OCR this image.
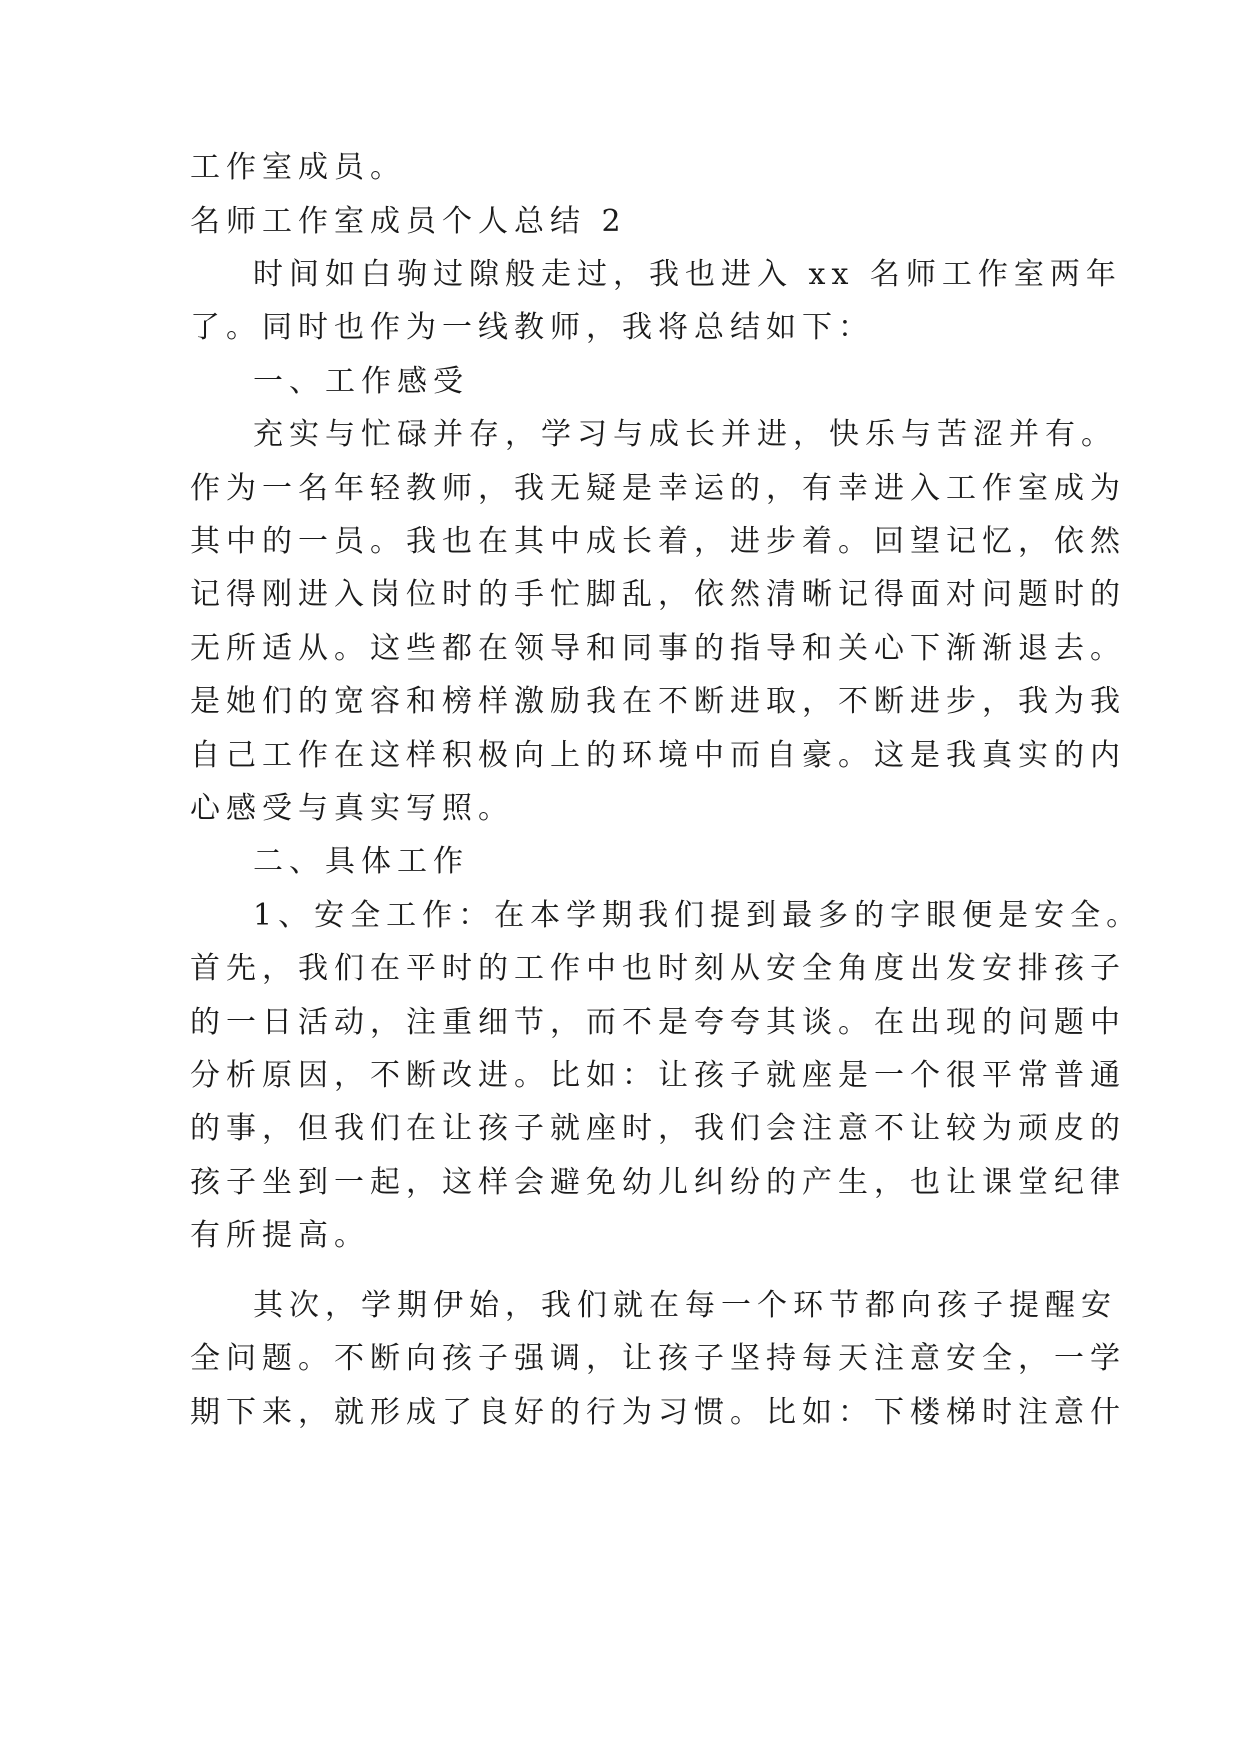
工作室成员。
名师工作室成员个人总结 2
时间如白驹过隙般走过，我也进入 xx 名师工作室两年
了。同时也作为一线教师，我将总结如下：
一、工作感受
充实与忙碌并存，学习与成长并进，快乐与苦涩并有。
作为一名年轻教师，我无疑是幸运的，有幸进入工作室成为
其中的一员。我也在其中成长着，进步着。回望记忆，依然
记得刚进入岗位时的手忙脚乱，依然清晰记得面对问题时的
无所适从。这些都在领导和同事的指导和关心下渐渐退去。
是她们的宽容和榜样激励我在不断进取，不断进步，我为我
自己工作在这样积极向上的环境中而自豪。这是我真实的内
心感受与真实写照。
二、具体工作
1、安全工作：在本学期我们提到最多的字眼便是安全。
首先，我们在平时的工作中也时刻从安全角度出发安排孩子
的一日活动，注重细节，而不是夸夸其谈。在出现的问题中
分析原因，不断改进。比如：让孩子就座是一个很平常普通
的事，但我们在让孩子就座时，我们会注意不让较为顽皮的
孩子坐到一起，这样会避免幼儿纠纷的产生，也让课堂纪律
有所提高。
其次，学期伊始，我们就在每一个环节都向孩子提醒安
全问题。不断向孩子强调，让孩子坚持每天注意安全，一学
期下来，就形成了良好的行为习惯。比如：下楼梯时注意什
